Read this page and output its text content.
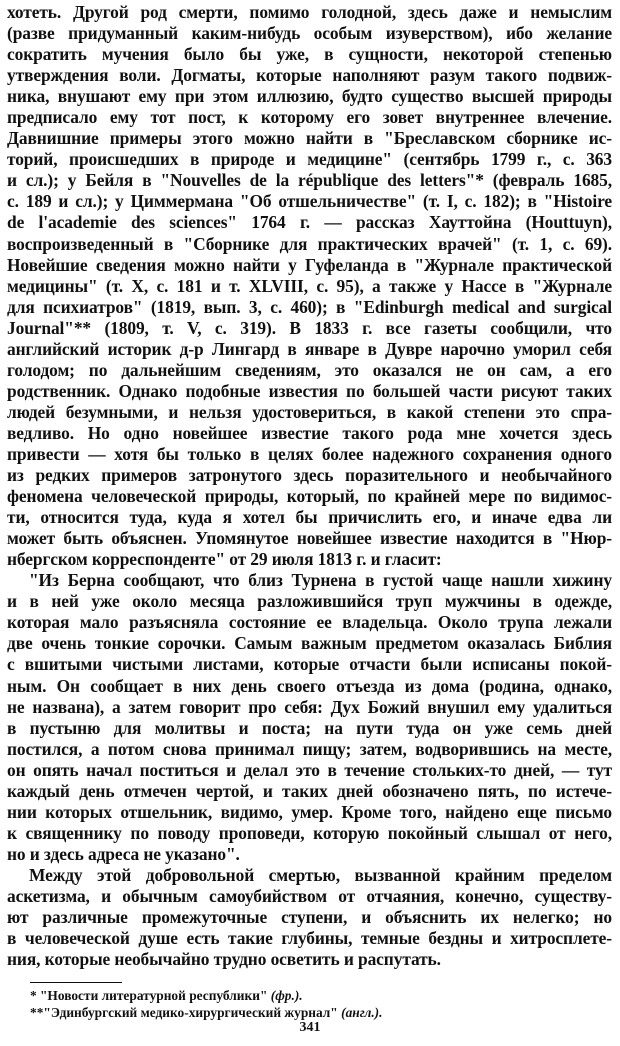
хотеть. Другой род смерти, помимо голодной, здесь даже и немыслим
(разве придуманный каким-нибудь особым изуверством), ибо желание
сократить мучения было бы уже, в сущности, некоторой степенью
утверждения воли. Догматы, которые наполняют разум такого подвиж-
ника, внушают ему при этом иллюзию, будто существо высшей природы
предписало ему тот пост, к которому его зовет внутреннее влечение.
Давнишние примеры этого можно найти в "Бреславском сборнике ис-
торий, происшедших в природе и медицине" (сентябрь 1799 г., с. 363
и сл.); у Бейля в "Nouvelles de la république des letters"* (февраль 1685,
с. 189 и сл.); у Циммермана "Об отшельничестве" (т. I, с. 182); в "Histoire
de l'academie des sciences" 1764 г. — рассказ Хауттойна (Houttuyn),
воспроизведенный в "Сборнике для практических врачей" (т. 1, с. 69).
Новейшие сведения можно найти у Гуфеланда в "Журнале практической
медицины" (т. X, с. 181 и т. XLVIII, с. 95), а также у Нассе в "Журнале
для психиатров" (1819, вып. 3, с. 460); в "Edinburgh medical and surgical
Journal"** (1809, т. V, с. 319). В 1833 г. все газеты сообщили, что
английский историк д-р Лингард в январе в Дувре нарочно уморил себя
голодом; по дальнейшим сведениям, это оказался не он сам, а его
родственник. Однако подобные известия по большей части рисуют таких
людей безумными, и нельзя удостовериться, в какой степени это спра-
ведливо. Но одно новейшее известие такого рода мне хочется здесь
привести — хотя бы только в целях более надежного сохранения одного
из редких примеров затронутого здесь поразительного и необычайного
феномена человеческой природы, который, по крайней мере по видимос-
ти, относится туда, куда я хотел бы причислить его, и иначе едва ли
может быть объяснен. Упомянутое новейшее известие находится в "Нюр-
нбергском корреспонденте" от 29 июля 1813 г. и гласит:
"Из Берна сообщают, что близ Турнена в густой чаще нашли хижину
и в ней уже около месяца разложившийся труп мужчины в одежде,
которая мало разъясняла состояние ее владельца. Около трупа лежали
две очень тонкие сорочки. Самым важным предметом оказалась Библия
с вшитыми чистыми листами, которые отчасти были исписаны покой-
ным. Он сообщает в них день своего отъезда из дома (родина, однако,
не названа), а затем говорит про себя: Дух Божий внушил ему удалиться
в пустыню для молитвы и поста; на пути туда он уже семь дней
постился, а потом снова принимал пищу; затем, водворившись на месте,
он опять начал поститься и делал это в течение стольких-то дней, — тут
каждый день отмечен чертой, и таких дней обозначено пять, по истече-
нии которых отшельник, видимо, умер. Кроме того, найдено еще письмо
к священнику по поводу проповеди, которую покойный слышал от него,
но и здесь адреса не указано".
Между этой добровольной смертью, вызванной крайним пределом
аскетизма, и обычным самоубийством от отчаяния, конечно, существу-
ют различные промежуточные ступени, и объяснить их нелегко; но
в человеческой душе есть такие глубины, темные бездны и хитросплете-
ния, которые необычайно трудно осветить и распутать.
* "Новости литературной республики" (фр.).
**"Эдинбургский медико-хирургический журнал" (англ.).
341
